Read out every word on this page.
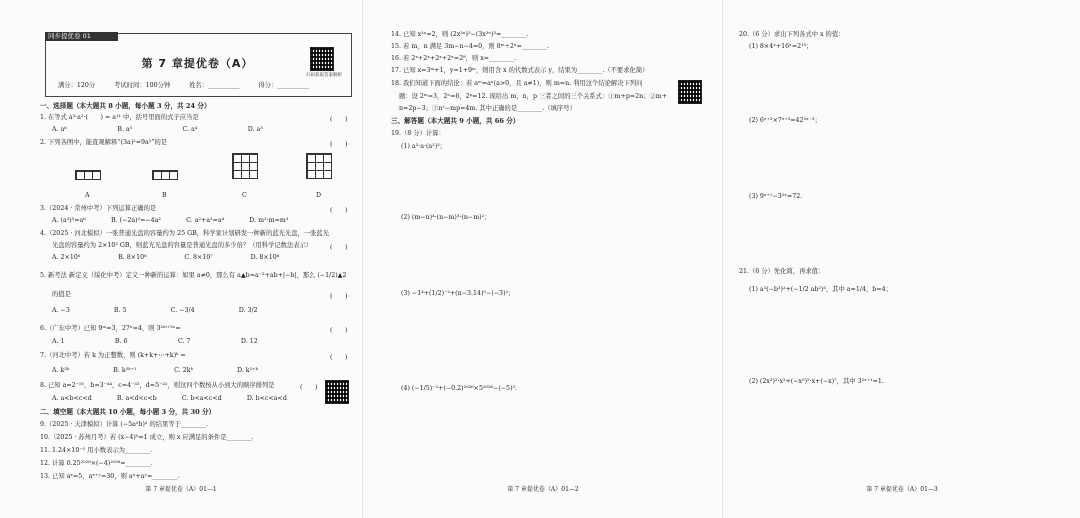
同步提优卷 01
第 7 章提优卷（A）
扫码获取答案解析
满分：120分　　　考试时间：100分钟　　　姓名：__________　　　得分：__________
一、选择题（本大题共 8 小题，每小题 3 分，共 24 分）
1. 在等式 a³·a²·(　　) = a¹¹ 中，括号里面的式子应当是	(　　)
A. a⁶　　　　　　　　B. a⁵　　　　　　　　C. a⁴　　　　　　　　D. a³
2. 下列各图中，能直观解释“(3a)²=9a²”的是	(　　)
A	B	C	D
3.（2024 · 常州中考）下列运算正确的是	(　　)
A. (a³)³=a⁶　　　　B. (−2a)²=−4a²　　　　C. a²+a²=a⁴　　　　D. m²·m=m³
4.（2025 · 河北模拟）一张普通光盘的容量约为 25 GB，科学家计划研发一种新的蓝光光盘，一张蓝光
光盘的容量约为 2×10² GB，则蓝光光盘的容量是普通光盘的多少倍？（用科学记数法表示）	(　　)
A. 2×10⁶　　　　　　B. 8×10⁶　　　　　　C. 8×10⁷　　　　　　D. 8×10⁸
5. 新考法 新定义（绥化中考）定义一种新的运算：如果 a≠0，那么有 a▲b=a⁻²+ab+|−b|，那么 (−1/2)▲2
的值是	(　　)
A. −3　　　　　　　B. 5　　　　　　　C. −3/4　　　　　　　D. 3/2
6.（广东中考）已知 9ᵐ=3，27ⁿ=4，则 3²ᵐ⁺³ⁿ=	(　　)
A. 1　　　　　　　　B. 6　　　　　　　　C. 7　　　　　　　　D. 12
7.（河北中考）若 k 为正整数，则 (k+k+⋯+k)ᵏ =	(　　)
A. k²ᵏ　　　　　　　B. k²ᵏ⁺¹　　　　　　C. 2kᵏ　　　　　　　D. k²⁺ᵏ
8. 已知 a=2⁻⁵⁵，b=3⁻⁴⁴，c=4⁻³³，d=5⁻²²，则这四个数按从小到大的顺序排列是	(　　)
A. a<b<c<d　　　　B. a<d<c<b　　　　C. b<a<c<d　　　　D. b<c<a<d
二、填空题（本大题共 10 小题，每小题 3 分，共 30 分）
9.（2025 · 天津模拟）计算 (−5a²b)² 的结果等于________.
10.（2025 · 苏州月考）若 (x−4)⁰=1 成立，则 x 应满足的条件是________.
11. 1.24×10⁻⁵ 用小数表示为________.
12. 计算 0.25²⁰²⁶×(−4)²⁰²⁶=________.
13. 已知 aˣ=5，aˣ⁺ʸ=30，则 aˣ+aʸ=________.
第 7 章提优卷（A）01—1
14. 已知 x²ⁿ=2，则 (2x³ⁿ)²−(3x²ⁿ)³=________.
15. 若 m，n 满足 3m−n−4=0，则 8ᵐ÷2ⁿ=________.
16. 若 2ˣ+2ˣ+2ˣ+2ˣ=2⁸，则 x=________.
17. 已知 x=3ᵐ+1，y=1+9ᵐ，则用含 x 的代数式表示 y，结果为________.（不要求化简）
18. 我们知道下面的结论：若 aᵐ=aⁿ(a>0，且 a≠1)，则 m=n. 利用这个结论解决下列问
题：设 2ᵐ=3，2ⁿ=6，2ᵖ=12. 现给出 m，n，p 三者之间的三个关系式：①m+p=2n；②m+
n=2p−3；③n²−mp=4m. 其中正确的是________.（填序号）
三、解答题（本大题共 9 小题，共 66 分）
19.（8 分）计算：
(1) a³·a·(a²)³；
(2) (m−n)⁴·(n−m)³·(n−m)²；
(3) −1⁴+(1/2)⁻²+(π−3.14)⁰−(−3)²；
(4) (−1/5)⁻²+(−0.2)²⁰²⁶×5²⁰²⁶−(−5)³.
第 7 章提优卷（A）01—2
20.（6 分）求出下列各式中 x 的值：
(1) 8×4ˣ+16ˣ=2¹⁵；
(2) 6ˣ⁺³×7ˣ⁺³=42²ˣ⁻³；
(3) 9ˣ⁺¹−3²ˣ=72.
21.（6 分）先化简，再求值：
(1) a³(−b³)²+(−1/2 ab²)³，其中 a=1/4，b=4；
(2) (2x³)²·x²+(−x⁵)²·x+(−x)⁷，其中 3²ˣ⁺¹=1.
第 7 章提优卷（A）01—3
